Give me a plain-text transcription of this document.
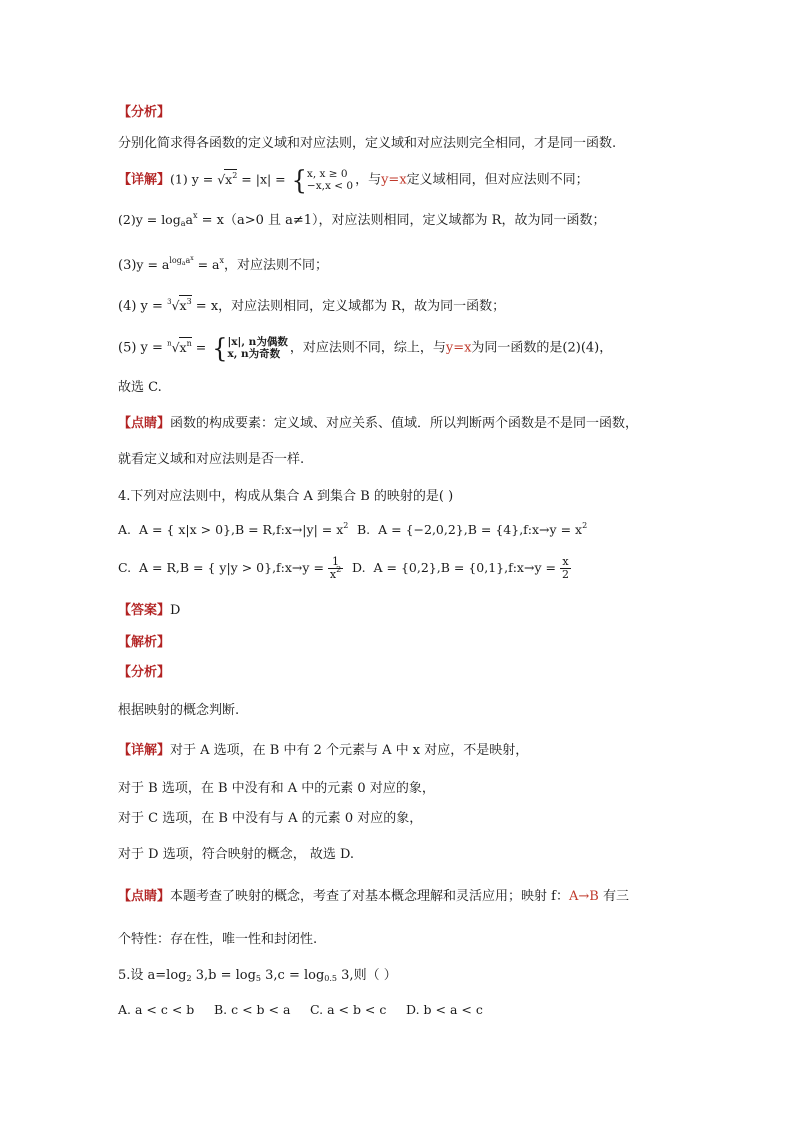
【分析】
分别化简求得各函数的定义域和对应法则，定义域和对应法则完全相同，才是同一函数.
【详解】(1) $y = √x^2 = |x|$ = { x, x ≥ 0
−x,x < 0 ，与y=x定义域相同，但对应法则不同；
$(2)y = \log_aa^x = x(a>0$ 且 a≠1），对应法则相同，定义域都为 R，故为同一函数；
$(3)y = a^{log_aa^x} = a^x$，对应法则不同；
(4) $y = ^3√x^3 = x$，对应法则相同，定义域都为 R，故为同一函数；
(5) $y = ^n√x^n$ = { |x|, n为偶数
x, n为奇数 ，对应法则不同，综上，与y=x为同一函数的是(2)(4)，
故选 C.
【点睛】函数的构成要素：定义域、对应关系、值域．所以判断两个函数是不是同一函数，
就看定义域和对应法则是否一样.
4.下列对应法则中，构成从集合 A 到集合 B 的映射的是( )
A. A = { x|x > 0},B = R,f:x→|y| = $x^2$ B. A = {−2,0,2},B = {4},f:x→y = $x^2$
C. A = R,B = { y|y > 0},f:x→y = $\frac{1}{x^2} D$. A = {0,2},B = {0,1},f:x→y = $\frac{x}{2}$
【答案】D
【解析】
【分析】
根据映射的概念判断.
【详解】对于 A 选项，在 B 中有 2 个元素与 A 中 x 对应，不是映射，
对于 B 选项，在 B 中没有和 A 中的元素 0 对应的象，
对于 C 选项，在 B 中没有与 A 的元素 0 对应的象，
对于 D 选项，符合映射的概念， 故选 D.
【点睛】本题考查了映射的概念，考查了对基本概念理解和灵活应用；映射 f：A→B 有三
个特性：存在性，唯一性和封闭性.
5.设 $a=\log_2$ $3,b = \log_5 3,c = \log_{0.5} 3$,则（ ）
A. a < c < b B. c < b < a C. a < b < c D. b < a < c
